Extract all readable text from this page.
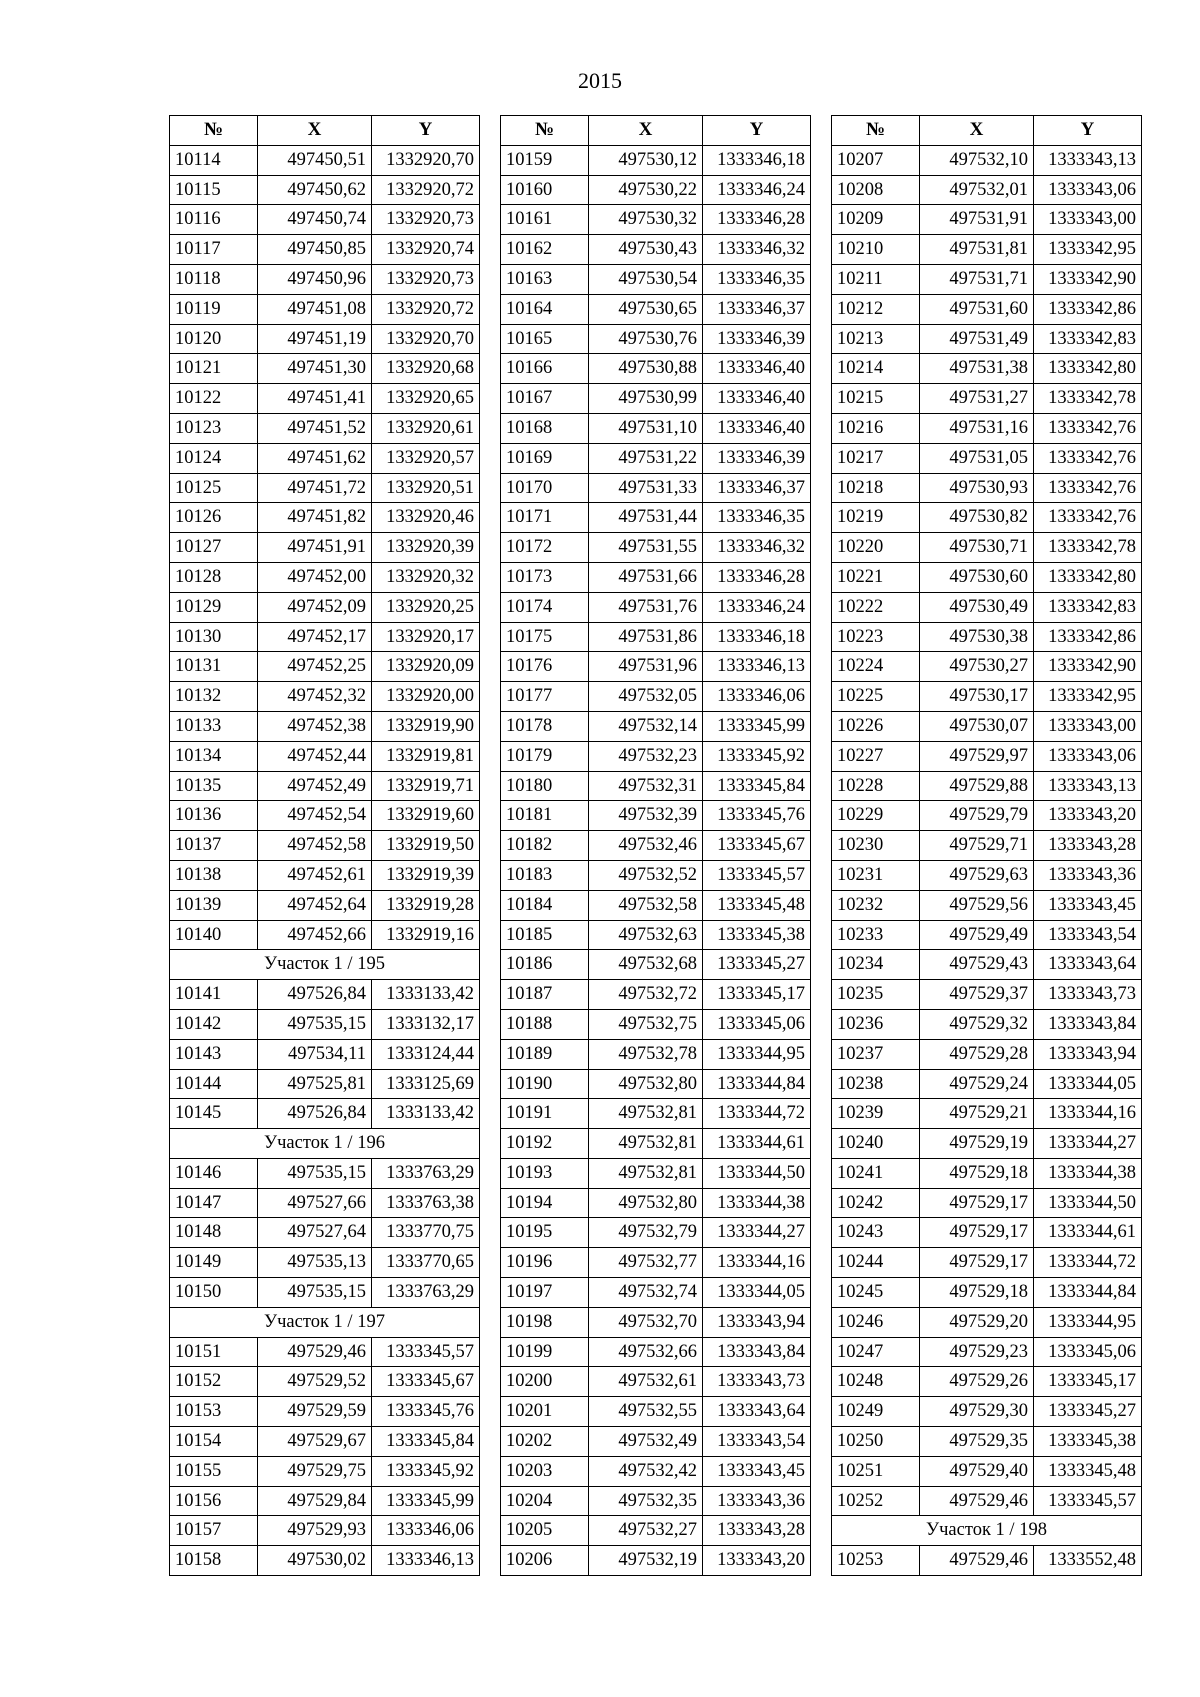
2015
№	X	Y
10114	497450,51	1332920,70
10115	497450,62	1332920,72
10116	497450,74	1332920,73
10117	497450,85	1332920,74
10118	497450,96	1332920,73
10119	497451,08	1332920,72
10120	497451,19	1332920,70
10121	497451,30	1332920,68
10122	497451,41	1332920,65
10123	497451,52	1332920,61
10124	497451,62	1332920,57
10125	497451,72	1332920,51
10126	497451,82	1332920,46
10127	497451,91	1332920,39
10128	497452,00	1332920,32
10129	497452,09	1332920,25
10130	497452,17	1332920,17
10131	497452,25	1332920,09
10132	497452,32	1332920,00
10133	497452,38	1332919,90
10134	497452,44	1332919,81
10135	497452,49	1332919,71
10136	497452,54	1332919,60
10137	497452,58	1332919,50
10138	497452,61	1332919,39
10139	497452,64	1332919,28
10140	497452,66	1332919,16
Участок 1 / 195		
10141	497526,84	1333133,42
10142	497535,15	1333132,17
10143	497534,11	1333124,44
10144	497525,81	1333125,69
10145	497526,84	1333133,42
Участок 1 / 196		
10146	497535,15	1333763,29
10147	497527,66	1333763,38
10148	497527,64	1333770,75
10149	497535,13	1333770,65
10150	497535,15	1333763,29
Участок 1 / 197		
10151	497529,46	1333345,57
10152	497529,52	1333345,67
10153	497529,59	1333345,76
10154	497529,67	1333345,84
10155	497529,75	1333345,92
10156	497529,84	1333345,99
10157	497529,93	1333346,06
10158	497530,02	1333346,13
№	X	Y
10159	497530,12	1333346,18
10160	497530,22	1333346,24
10161	497530,32	1333346,28
10162	497530,43	1333346,32
10163	497530,54	1333346,35
10164	497530,65	1333346,37
10165	497530,76	1333346,39
10166	497530,88	1333346,40
10167	497530,99	1333346,40
10168	497531,10	1333346,40
10169	497531,22	1333346,39
10170	497531,33	1333346,37
10171	497531,44	1333346,35
10172	497531,55	1333346,32
10173	497531,66	1333346,28
10174	497531,76	1333346,24
10175	497531,86	1333346,18
10176	497531,96	1333346,13
10177	497532,05	1333346,06
10178	497532,14	1333345,99
10179	497532,23	1333345,92
10180	497532,31	1333345,84
10181	497532,39	1333345,76
10182	497532,46	1333345,67
10183	497532,52	1333345,57
10184	497532,58	1333345,48
10185	497532,63	1333345,38
10186	497532,68	1333345,27
10187	497532,72	1333345,17
10188	497532,75	1333345,06
10189	497532,78	1333344,95
10190	497532,80	1333344,84
10191	497532,81	1333344,72
10192	497532,81	1333344,61
10193	497532,81	1333344,50
10194	497532,80	1333344,38
10195	497532,79	1333344,27
10196	497532,77	1333344,16
10197	497532,74	1333344,05
10198	497532,70	1333343,94
10199	497532,66	1333343,84
10200	497532,61	1333343,73
10201	497532,55	1333343,64
10202	497532,49	1333343,54
10203	497532,42	1333343,45
10204	497532,35	1333343,36
10205	497532,27	1333343,28
10206	497532,19	1333343,20
№	X	Y
10207	497532,10	1333343,13
10208	497532,01	1333343,06
10209	497531,91	1333343,00
10210	497531,81	1333342,95
10211	497531,71	1333342,90
10212	497531,60	1333342,86
10213	497531,49	1333342,83
10214	497531,38	1333342,80
10215	497531,27	1333342,78
10216	497531,16	1333342,76
10217	497531,05	1333342,76
10218	497530,93	1333342,76
10219	497530,82	1333342,76
10220	497530,71	1333342,78
10221	497530,60	1333342,80
10222	497530,49	1333342,83
10223	497530,38	1333342,86
10224	497530,27	1333342,90
10225	497530,17	1333342,95
10226	497530,07	1333343,00
10227	497529,97	1333343,06
10228	497529,88	1333343,13
10229	497529,79	1333343,20
10230	497529,71	1333343,28
10231	497529,63	1333343,36
10232	497529,56	1333343,45
10233	497529,49	1333343,54
10234	497529,43	1333343,64
10235	497529,37	1333343,73
10236	497529,32	1333343,84
10237	497529,28	1333343,94
10238	497529,24	1333344,05
10239	497529,21	1333344,16
10240	497529,19	1333344,27
10241	497529,18	1333344,38
10242	497529,17	1333344,50
10243	497529,17	1333344,61
10244	497529,17	1333344,72
10245	497529,18	1333344,84
10246	497529,20	1333344,95
10247	497529,23	1333345,06
10248	497529,26	1333345,17
10249	497529,30	1333345,27
10250	497529,35	1333345,38
10251	497529,40	1333345,48
10252	497529,46	1333345,57
Участок 1 / 198		
10253	497529,46	1333552,48
